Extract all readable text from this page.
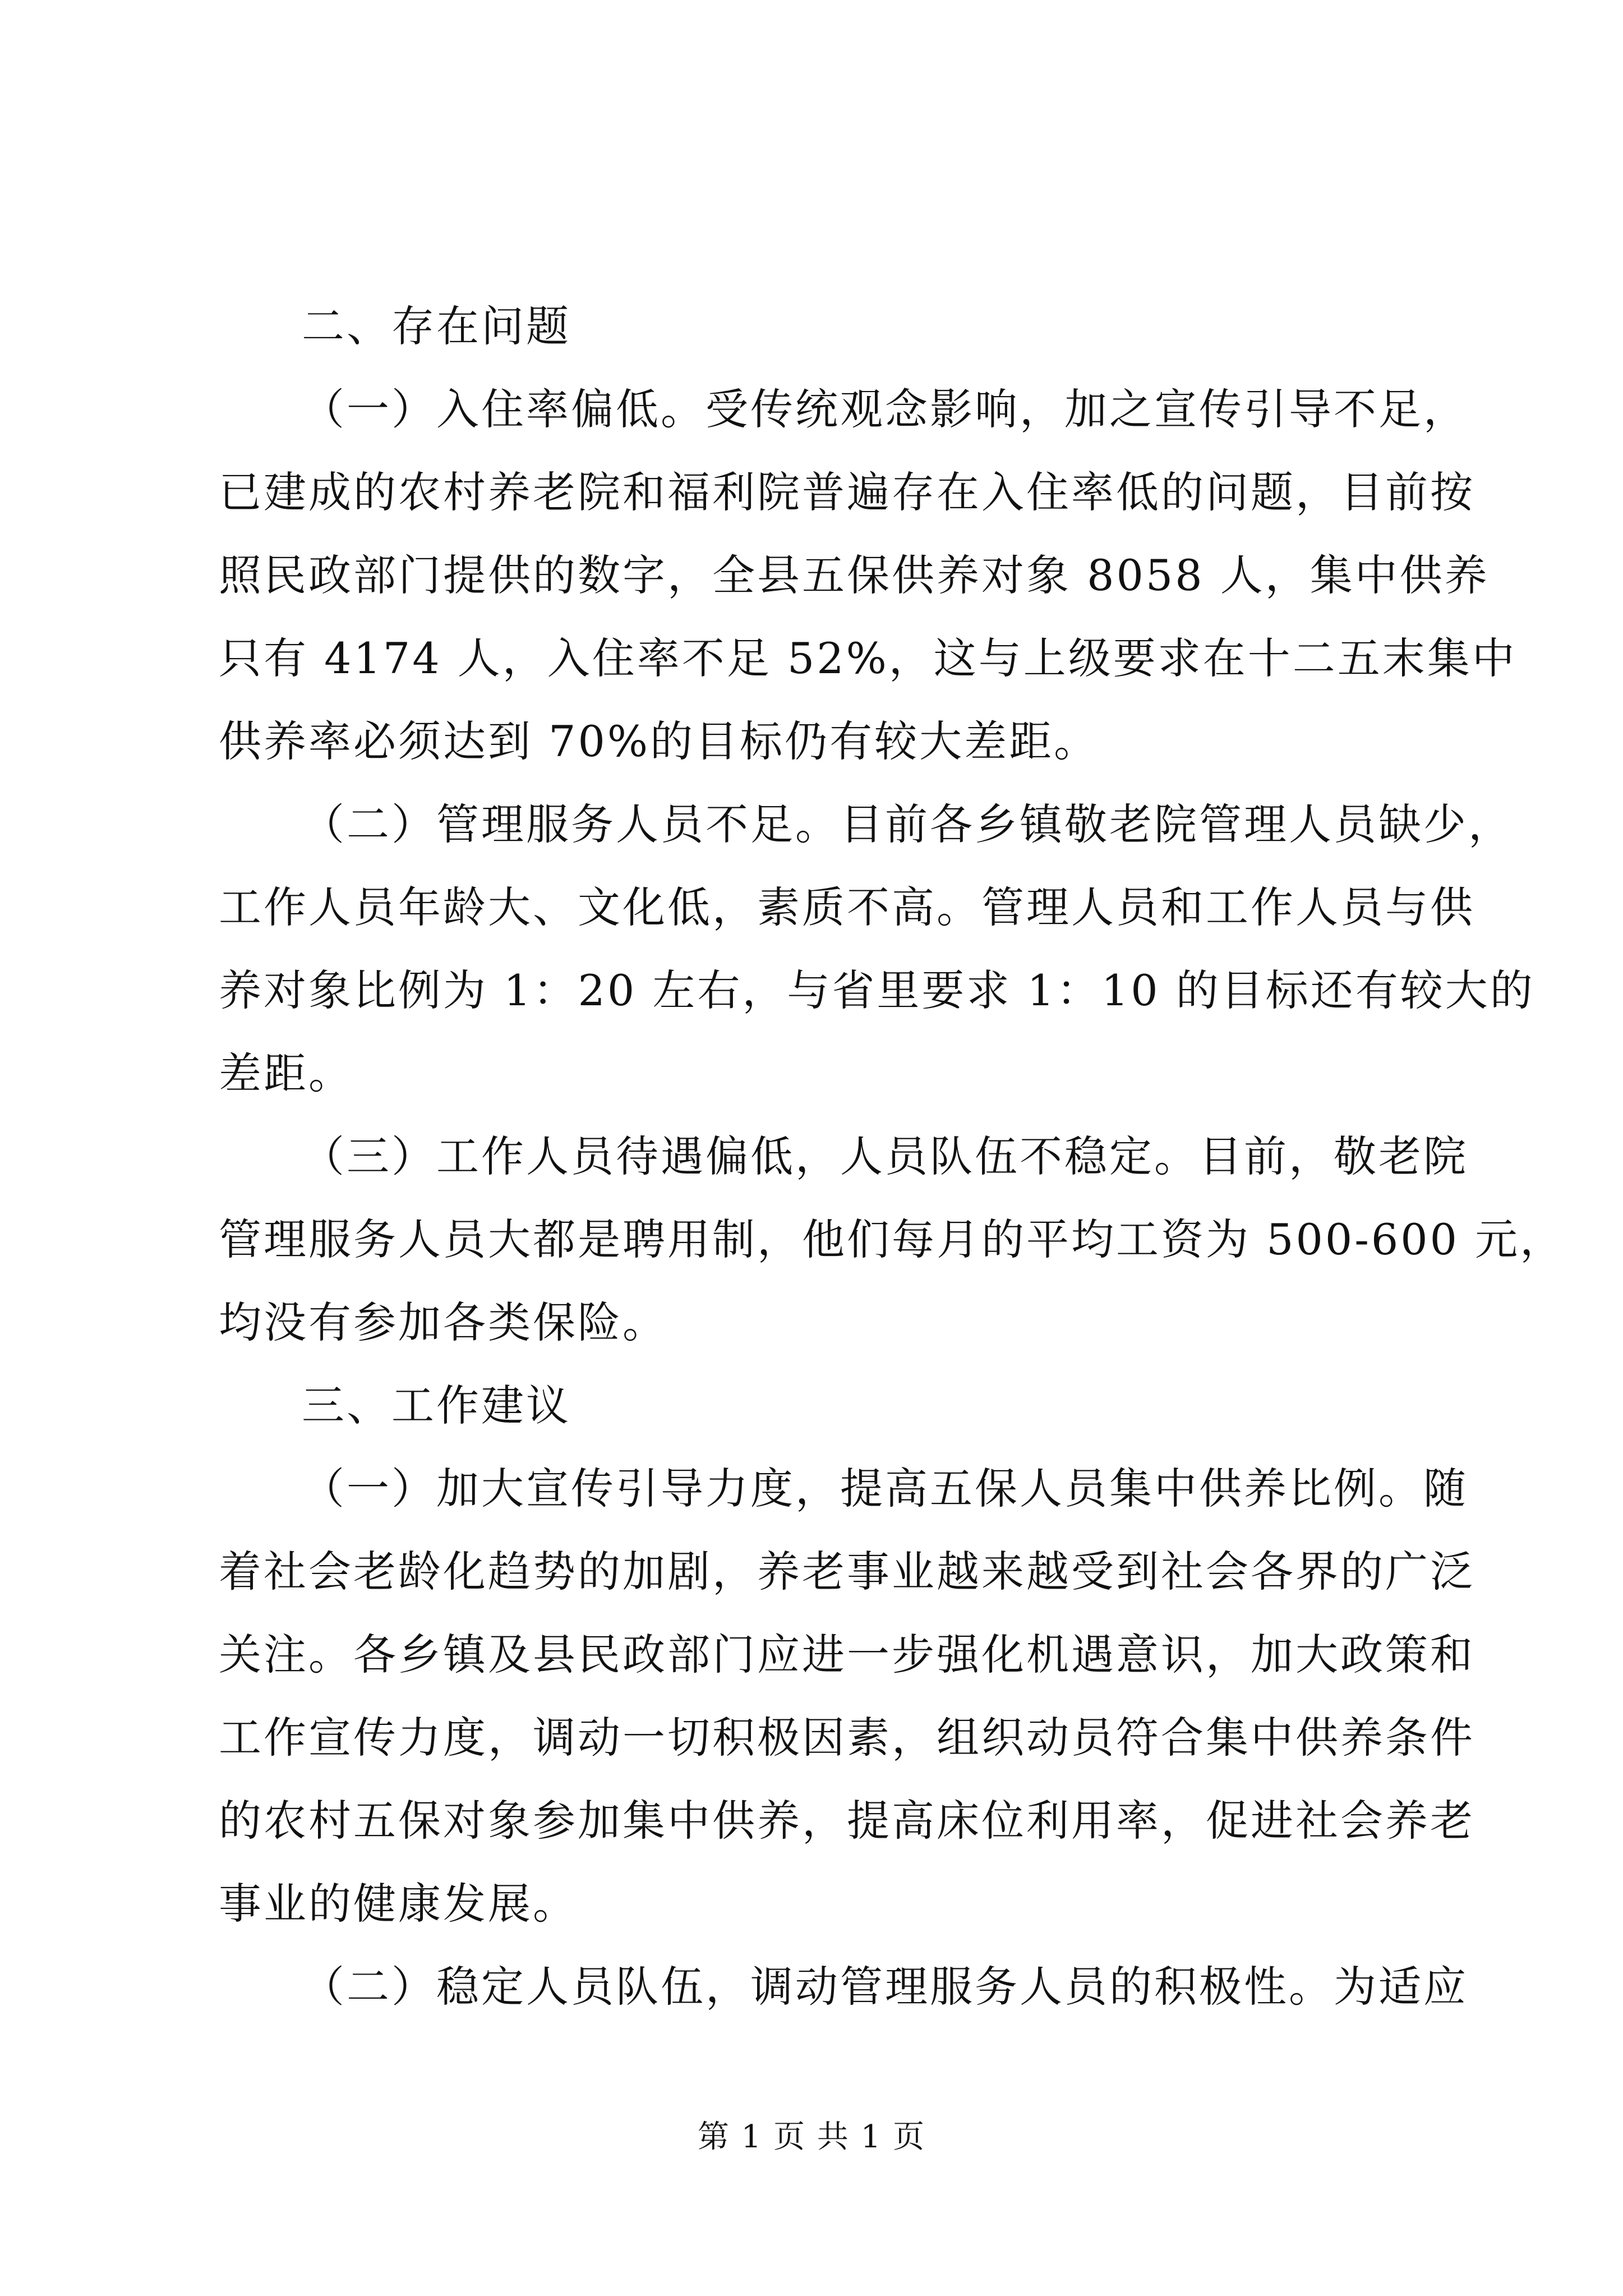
二、存在问题
（一）入住率偏低。受传统观念影响，加之宣传引导不足，
已建成的农村养老院和福利院普遍存在入住率低的问题，目前按
照民政部门提供的数字，全县五保供养对象 8058 人，集中供养
只有 4174 人，入住率不足 52%，这与上级要求在十二五末集中
供养率必须达到 70%的目标仍有较大差距。
（二）管理服务人员不足。目前各乡镇敬老院管理人员缺少，
工作人员年龄大、文化低，素质不高。管理人员和工作人员与供
养对象比例为 1：20 左右，与省里要求 1：10 的目标还有较大的
差距。
（三）工作人员待遇偏低，人员队伍不稳定。目前，敬老院
管理服务人员大都是聘用制，他们每月的平均工资为 500-600 元，
均没有参加各类保险。
三、工作建议
（一）加大宣传引导力度，提高五保人员集中供养比例。随
着社会老龄化趋势的加剧，养老事业越来越受到社会各界的广泛
关注。各乡镇及县民政部门应进一步强化机遇意识，加大政策和
工作宣传力度，调动一切积极因素，组织动员符合集中供养条件
的农村五保对象参加集中供养，提高床位利用率，促进社会养老
事业的健康发展。
（二）稳定人员队伍，调动管理服务人员的积极性。为适应
第 1 页 共 1 页
